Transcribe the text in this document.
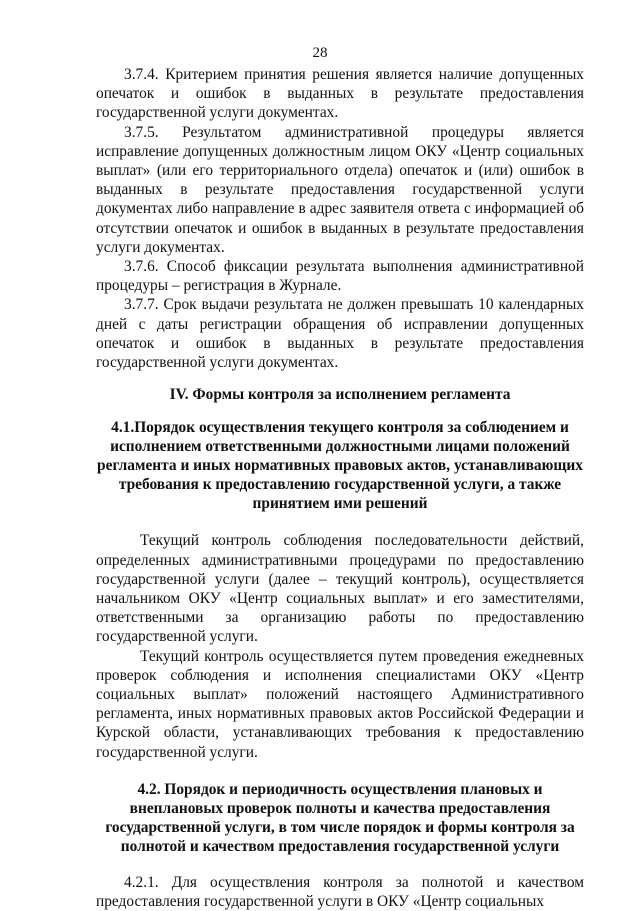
28

3.7.4. Критерием принятия решения является наличие допущенных опечаток и ошибок в выданных в результате предоставления государственной услуги документах.

3.7.5. Результатом административной процедуры является исправление допущенных должностным лицом ОКУ «Центр социальных выплат» (или его территориального отдела) опечаток и (или) ошибок в выданных в результате предоставления государственной услуги документах либо направление в адрес заявителя ответа с информацией об отсутствии опечаток и ошибок в выданных в результате предоставления услуги документах.

3.7.6. Способ фиксации результата выполнения административной процедуры – регистрация в Журнале.

3.7.7. Срок выдачи результата не должен превышать 10 календарных дней с даты регистрации обращения об исправлении допущенных опечаток и ошибок в выданных в результате предоставления государственной услуги документах.

IV. Формы контроля за исполнением регламента
4.1.Порядок осуществления текущего контроля за соблюдением и исполнением ответственными должностными лицами положений регламента и иных нормативных правовых актов, устанавливающих требования к предоставлению государственной услуги, а также принятием ими решений

Текущий контроль соблюдения последовательности действий, определенных административными процедурами по предоставлению государственной услуги (далее – текущий контроль), осуществляется начальником ОКУ «Центр социальных выплат» и его заместителями, ответственными за организацию работы по предоставлению государственной услуги.

Текущий контроль осуществляется путем проведения ежедневных проверок соблюдения и исполнения специалистами ОКУ «Центр социальных выплат» положений настоящего Административного регламента, иных нормативных правовых актов Российской Федерации и Курской области, устанавливающих требования к предоставлению государственной услуги.

4.2. Порядок и периодичность осуществления плановых и внеплановых проверок полноты и качества предоставления государственной услуги, в том числе порядок и формы контроля за полнотой и качеством предоставления государственной услуги

4.2.1. Для осуществления контроля за полнотой и качеством предоставления государственной услуги в ОКУ «Центр социальных
